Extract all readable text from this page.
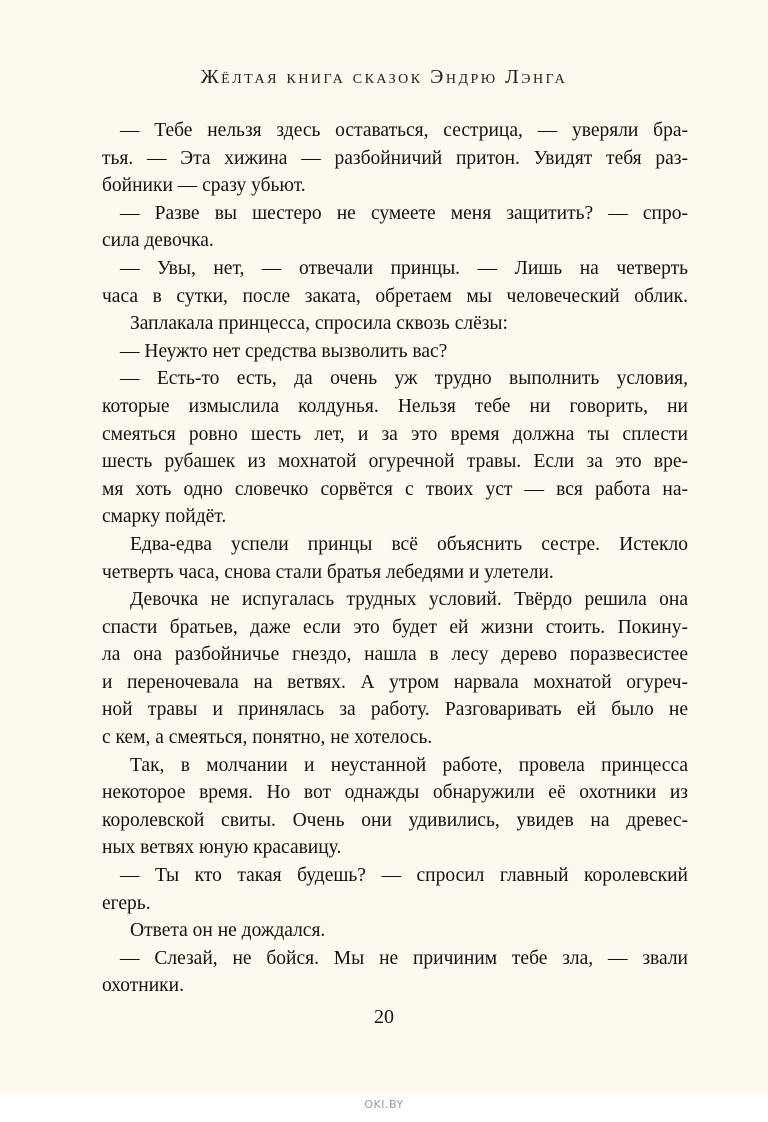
Жёлтая книга сказок Эндрю Лэнга
— Тебе нельзя здесь оставаться, сестрица, — уверяли бра-
тья. — Эта хижина — разбойничий притон. Увидят тебя раз-
бойники — сразу убьют.
— Разве вы шестеро не сумеете меня защитить? — спро-
сила девочка.
— Увы, нет, — отвечали принцы. — Лишь на четверть
часа в сутки, после заката, обретаем мы человеческий облик.
Заплакала принцесса, спросила сквозь слёзы:
— Неужто нет средства вызволить вас?
— Есть-то есть, да очень уж трудно выполнить условия,
которые измыслила колдунья. Нельзя тебе ни говорить, ни
смеяться ровно шесть лет, и за это время должна ты сплести
шесть рубашек из мохнатой огуречной травы. Если за это вре-
мя хоть одно словечко сорвётся с твоих уст — вся работа на-
смарку пойдёт.
Едва-едва успели принцы всё объяснить сестре. Истекло
четверть часа, снова стали братья лебедями и улетели.
Девочка не испугалась трудных условий. Твёрдо решила она
спасти братьев, даже если это будет ей жизни стоить. Покину-
ла она разбойничье гнездо, нашла в лесу дерево поразвесистее
и переночевала на ветвях. А утром нарвала мохнатой огуреч-
ной травы и принялась за работу. Разговаривать ей было не
с кем, а смеяться, понятно, не хотелось.
Так, в молчании и неустанной работе, провела принцесса
некоторое время. Но вот однажды обнаружили её охотники из
королевской свиты. Очень они удивились, увидев на древес-
ных ветвях юную красавицу.
— Ты кто такая будешь? — спросил главный королевский
егерь.
Ответа он не дождался.
— Слезай, не бойся. Мы не причиним тебе зла, — звали
охотники.
20
OKI.BY
